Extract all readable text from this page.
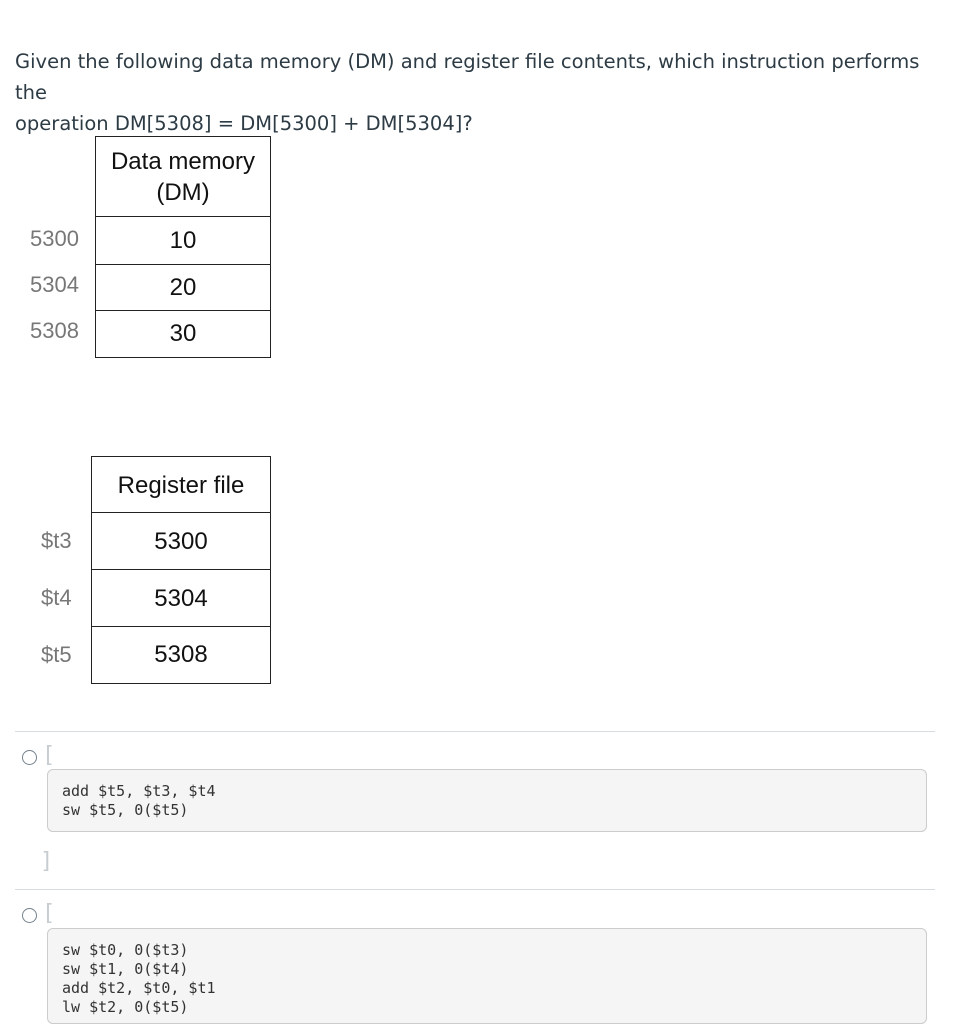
Given the following data memory (DM) and register file contents, which instruction performs the
operation DM[5308] = DM[5300] + DM[5304]?
Data memory
(DM)
5300	10
5304	20
5308	30
Register file
$t3	5300
$t4	5304
$t5	5308
[
add $t5, $t3, $t4
sw $t5, 0($t5)
]
[
sw $t0, 0($t3)
sw $t1, 0($t4)
add $t2, $t0, $t1
lw $t2, 0($t5)
